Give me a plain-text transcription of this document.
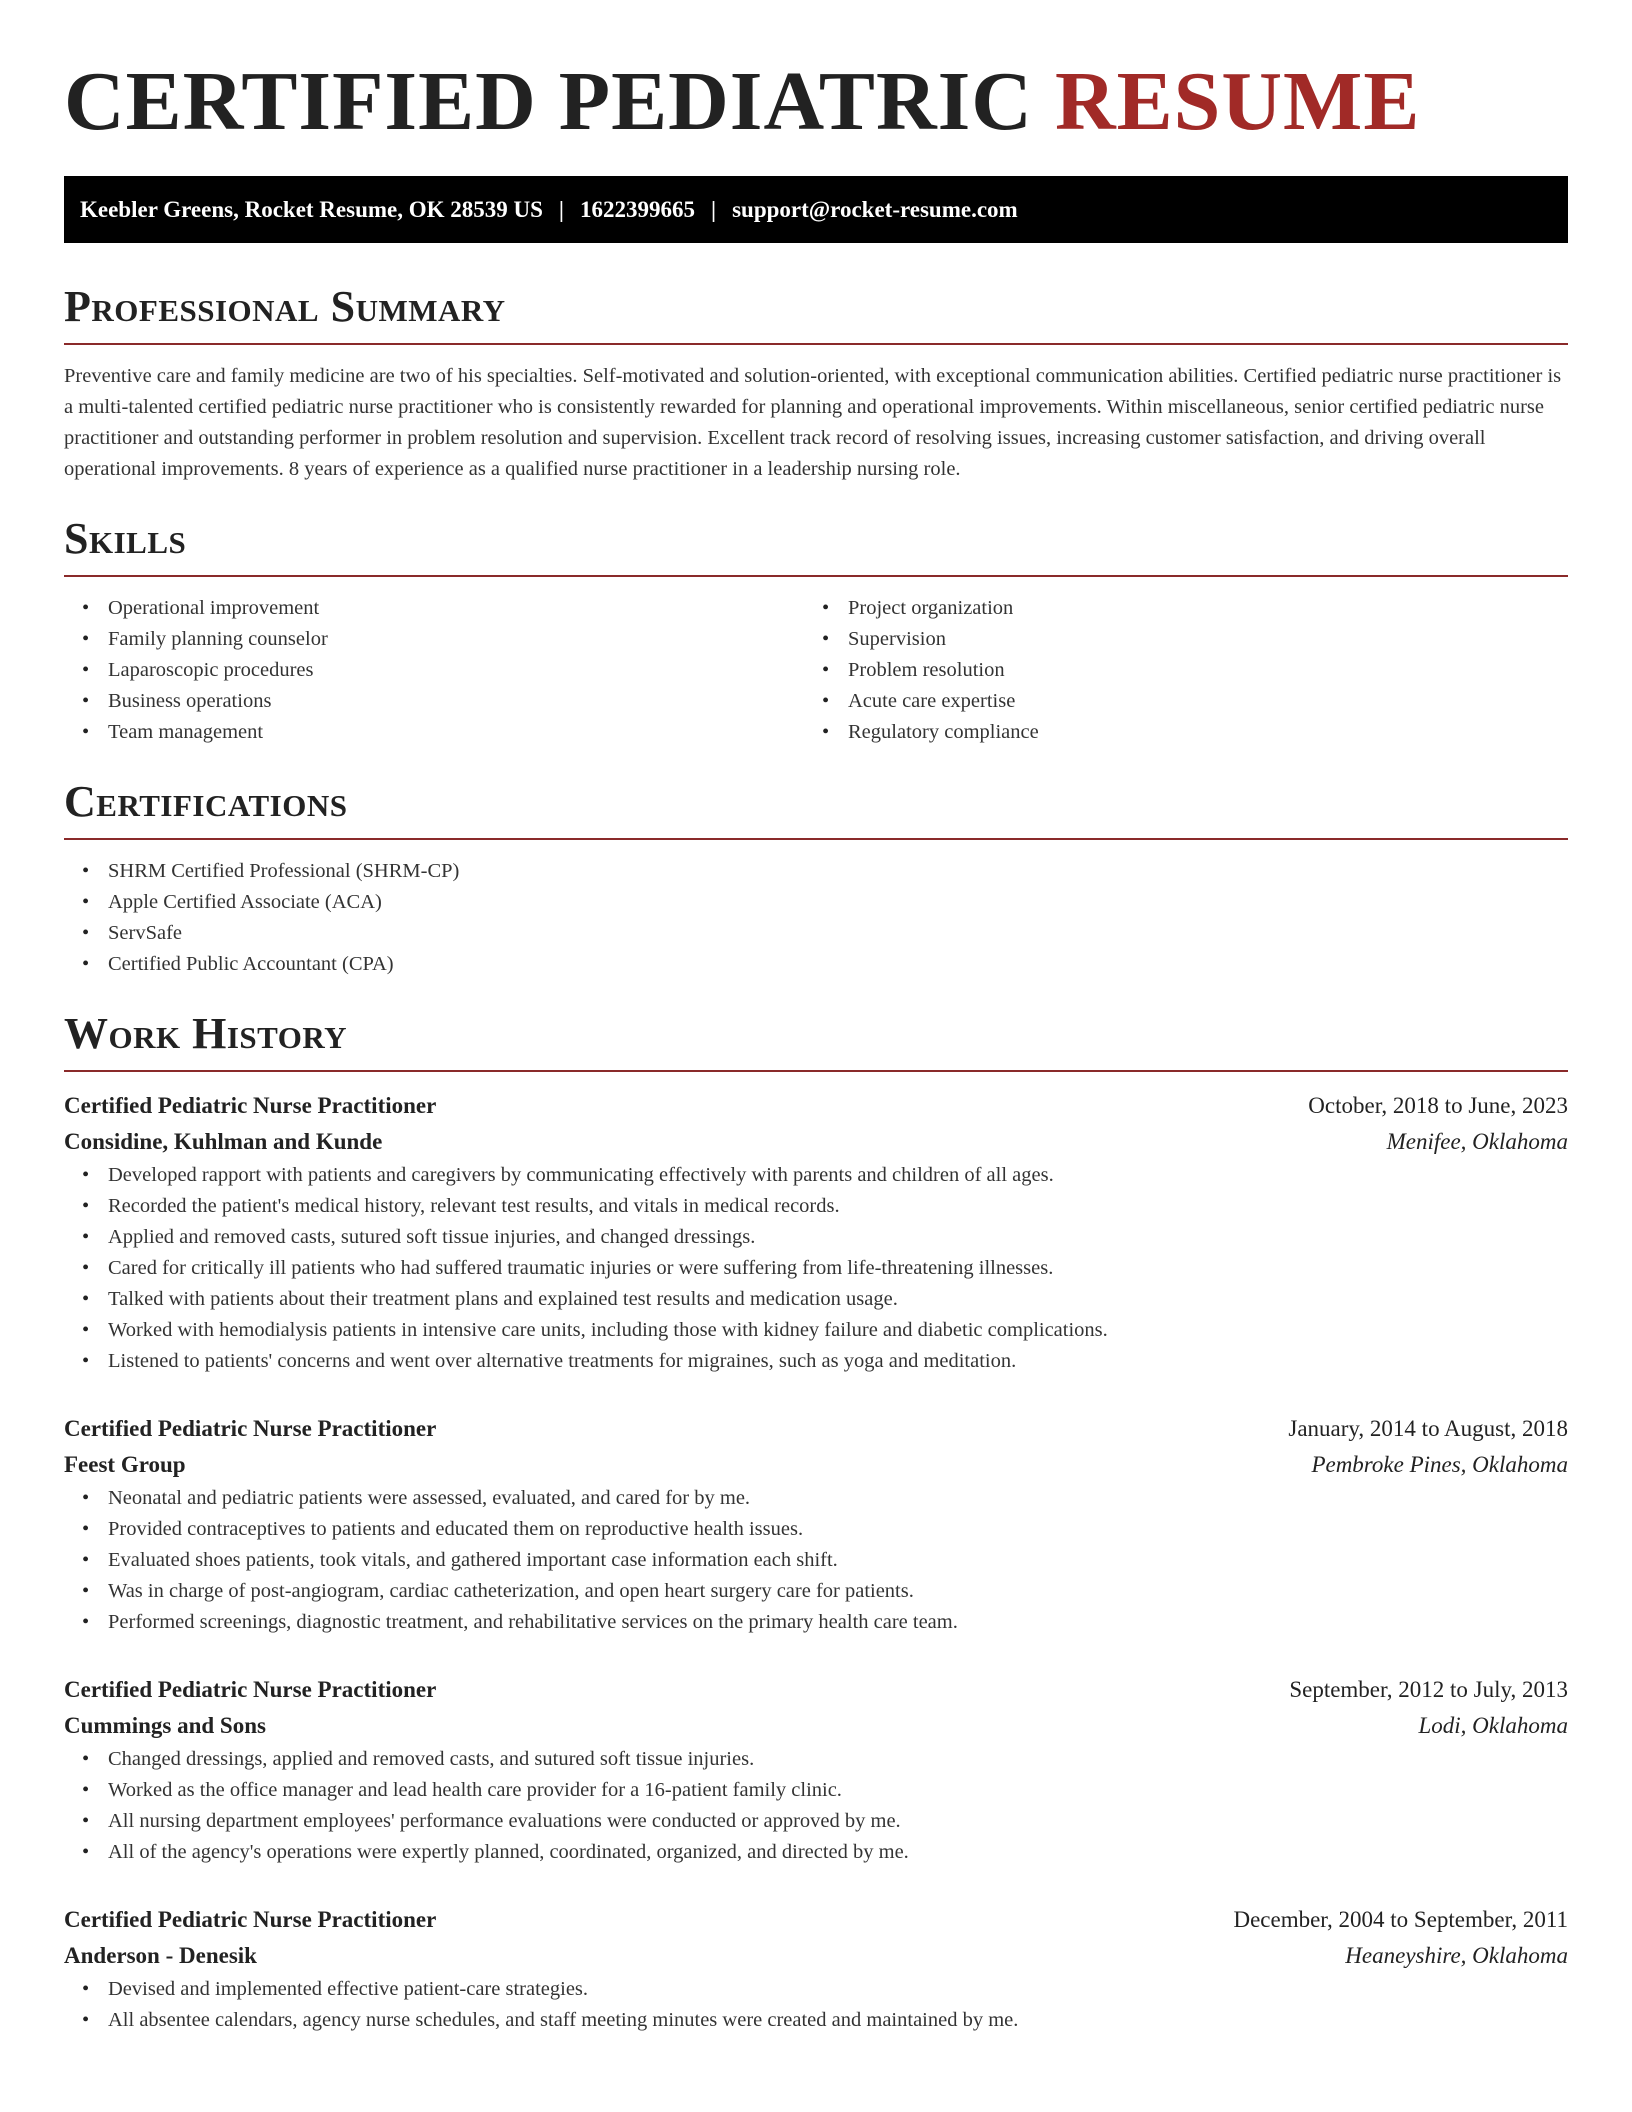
CERTIFIED PEDIATRIC RESUME
Keebler Greens, Rocket Resume, OK 28539 US | 1622399665 | support@rocket-resume.com
Professional Summary

Preventive care and family medicine are two of his specialties. Self-motivated and solution-oriented, with exceptional communication abilities. Certified pediatric nurse practitioner is a multi-talented certified pediatric nurse practitioner who is consistently rewarded for planning and operational improvements. Within miscellaneous, senior certified pediatric nurse practitioner and outstanding performer in problem resolution and supervision. Excellent track record of resolving issues, increasing customer satisfaction, and driving overall operational improvements. 8 years of experience as a qualified nurse practitioner in a leadership nursing role.

Skills
• Operational improvement
• Family planning counselor
• Laparoscopic procedures
• Business operations
• Team management
• Project organization
• Supervision
• Problem resolution
• Acute care expertise
• Regulatory compliance
Certifications
• SHRM Certified Professional (SHRM-CP)
• Apple Certified Associate (ACA)
• ServSafe
• Certified Public Accountant (CPA)
Work History
Certified Pediatric Nurse Practitioner	October, 2018 to June, 2023
Considine, Kuhlman and Kunde	Menifee, Oklahoma
• Developed rapport with patients and caregivers by communicating effectively with parents and children of all ages.
• Recorded the patient's medical history, relevant test results, and vitals in medical records.
• Applied and removed casts, sutured soft tissue injuries, and changed dressings.
• Cared for critically ill patients who had suffered traumatic injuries or were suffering from life-threatening illnesses.
• Talked with patients about their treatment plans and explained test results and medication usage.
• Worked with hemodialysis patients in intensive care units, including those with kidney failure and diabetic complications.
• Listened to patients' concerns and went over alternative treatments for migraines, such as yoga and meditation.
Certified Pediatric Nurse Practitioner	January, 2014 to August, 2018
Feest Group	Pembroke Pines, Oklahoma
• Neonatal and pediatric patients were assessed, evaluated, and cared for by me.
• Provided contraceptives to patients and educated them on reproductive health issues.
• Evaluated shoes patients, took vitals, and gathered important case information each shift.
• Was in charge of post-angiogram, cardiac catheterization, and open heart surgery care for patients.
• Performed screenings, diagnostic treatment, and rehabilitative services on the primary health care team.
Certified Pediatric Nurse Practitioner	September, 2012 to July, 2013
Cummings and Sons	Lodi, Oklahoma
• Changed dressings, applied and removed casts, and sutured soft tissue injuries.
• Worked as the office manager and lead health care provider for a 16-patient family clinic.
• All nursing department employees' performance evaluations were conducted or approved by me.
• All of the agency's operations were expertly planned, coordinated, organized, and directed by me.
Certified Pediatric Nurse Practitioner	December, 2004 to September, 2011
Anderson - Denesik	Heaneyshire, Oklahoma
• Devised and implemented effective patient-care strategies.
• All absentee calendars, agency nurse schedules, and staff meeting minutes were created and maintained by me.
